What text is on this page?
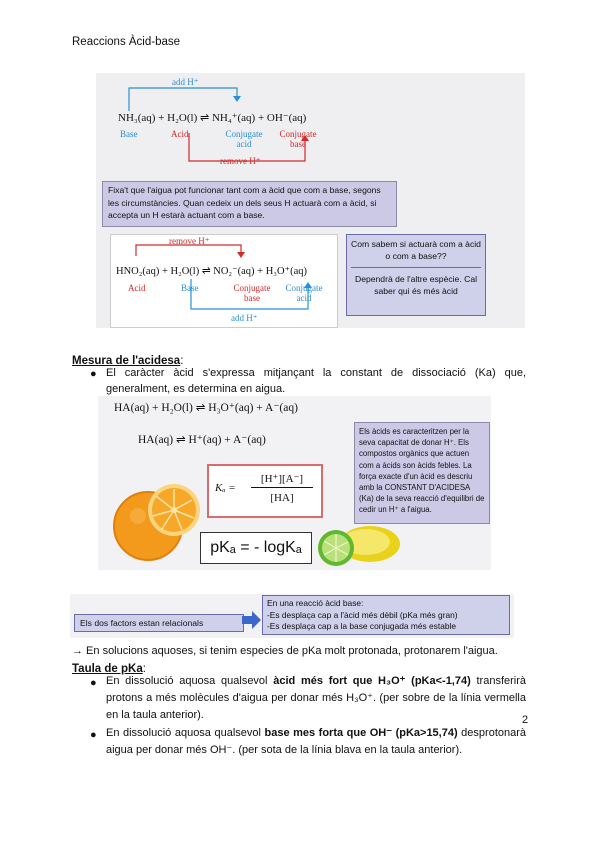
Reaccions Àcid-base
add H⁺
NH₃(aq) + H₂O(l) ⇌ NH₄⁺(aq) + OH⁻(aq)
Base	Acid	Conjugate acid
Conjugate base
remove H⁺
Fixa't que l'aigua pot funcionar tant com a àcid que com a base, segons les circumstàncies. Quan cedeix un dels seus H actuarà com a àcid, si accepta un H estarà actuant com a base.
remove H⁺
HNO₂(aq) + H₂O(l) ⇌ NO₂⁻(aq) + H₃O⁺(aq)
Acid	Base	Conjugate base
Conjugate acid
add H⁺
Com sabem si actuarà com a àcid o com a base??
Dependrà de l'altre espècie. Cal saber qui és més àcid
Mesura de l'acidesa:
● El caràcter àcid s'expressa mitjançant la constant de dissociació (Ka) que, generalment, es determina en aigua.
HA(aq) + H₂O(l) ⇌ H₃O⁺(aq) + A⁻(aq)
HA(aq) ⇌ H⁺(aq) + A⁻(aq)
Kₐ =
[H⁺][A⁻]
[HA]
pKₐ = - logKₐ
Els àcids es caracteritzen per la seva capacitat de donar H⁺. Els compostos orgànics que actuen com a àcids son àcids febles. La força exacte d'un àcid es descriu amb la CONSTANT D'ACIDESA (Ka) de la seva reacció d'equilibri de cedir un H⁺ a l'aigua.
Els dos factors estan relacionals
En una reacció àcid base:
-Es desplaça cap a l'àcid més dèbil (pKa més gran)
-Es desplaça cap a la base conjugada més estable
→ En solucions aquoses, si tenim especies de pKa molt protonada, protonarem l'aigua.
Taula de pKa:
● En dissolució aquosa qualsevol àcid més fort que H₃O⁺ (pKa<-1,74) transferirà protons a més molècules d'aigua per donar més H₃O⁺. (per sobre de la línia vermella en la taula anterior).
● En dissolució aquosa qualsevol base mes forta que OH⁻ (pKa>15,74) desprotonarà aigua per donar més OH⁻. (per sota de la línia blava en la taula anterior).
2
